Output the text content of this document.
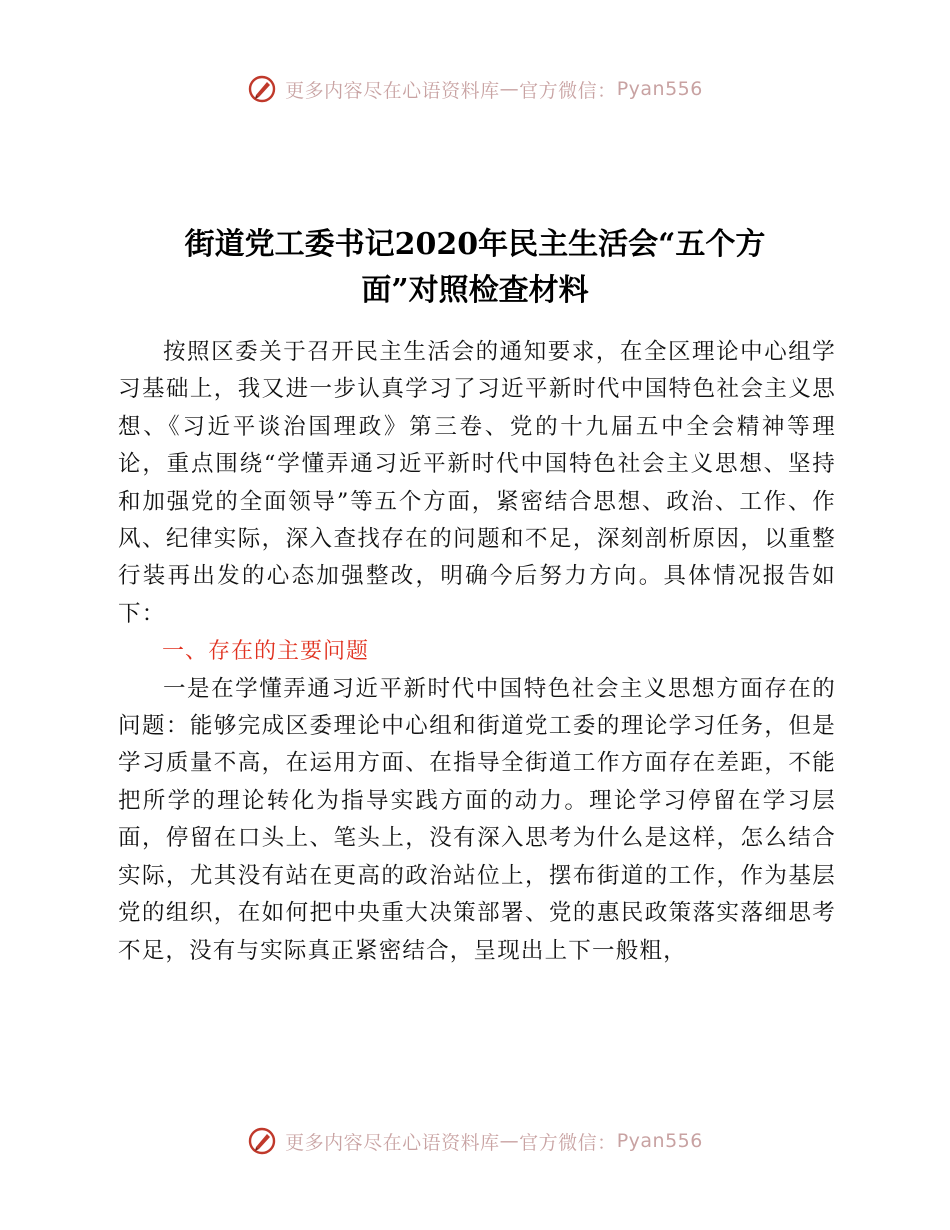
更多内容尽在心语资料库 — 官方微信： Pyan556
街道党工委书记2020年民主生活会“五个方
面”对照检查材料

按照区委关于召开民主生活会的通知要求，在全区理论中心组学习基础上，我又进一步认真学习了习近平新时代中国特色社会主义思想、《习近平谈治国理政》第三卷、党的十九届五中全会精神等理论，重点围绕“学懂弄通习近平新时代中国特色社会主义思想、坚持和加强党的全面领导”等五个方面，紧密结合思想、政治、工作、作风、纪律实际，深入查找存在的问题和不足，深刻剖析原因，以重整行装再出发的心态加强整改，明确今后努力方向。具体情况报告如下：

一、存在的主要问题

一是在学懂弄通习近平新时代中国特色社会主义思想方面存在的问题：能够完成区委理论中心组和街道党工委的理论学习任务，但是学习质量不高，在运用方面、在指导全街道工作方面存在差距，不能把所学的理论转化为指导实践方面的动力。理论学习停留在学习层面，停留在口头上、笔头上，没有深入思考为什么是这样，怎么结合实际，尤其没有站在更高的政治站位上，摆布街道的工作，作为基层党的组织，在如何把中央重大决策部署、党的惠民政策落实落细思考不足，没有与实际真正紧密结合，呈现出上下一般粗，

更多内容尽在心语资料库 — 官方微信： Pyan556
